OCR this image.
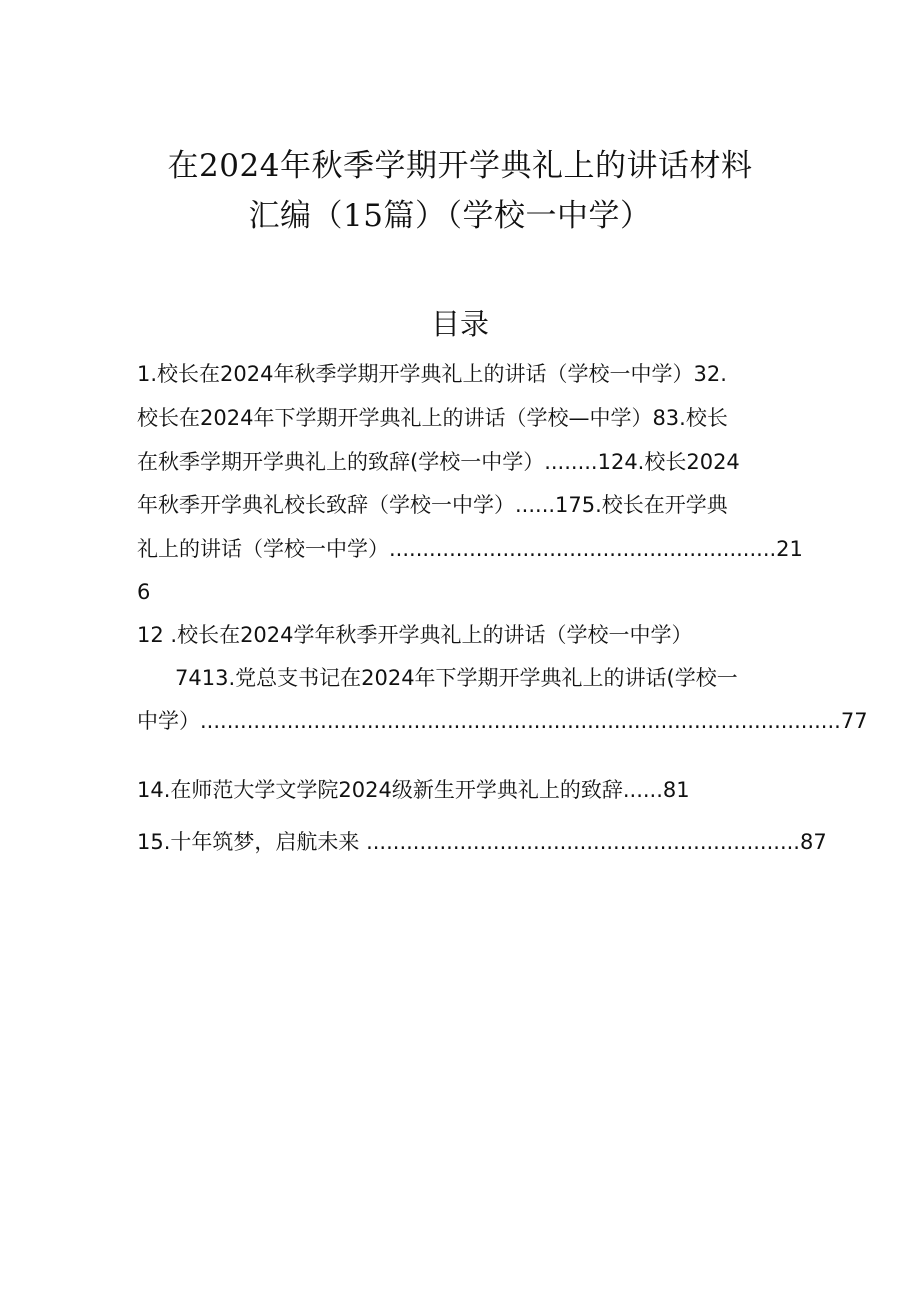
在2024年秋季学期开学典礼上的讲话材料
汇编（15篇）（学校一中学）
目录
1.校长在2024年秋季学期开学典礼上的讲话（学校一中学）32.
校长在2024年下学期开学典礼上的讲话（学校—中学）83.校长
在秋季学期开学典礼上的致辞(学校一中学）........124.校长2024
年秋季开学典礼校长致辞（学校一中学）......175.校长在开学典
礼上的讲话（学校一中学）..........................................................21
6
12 .校长在2024学年秋季开学典礼上的讲话（学校一中学）
7413.党总支书记在2024年下学期开学典礼上的讲话(学校一
中学）................................................................................................77
14.在师范大学文学院2024级新生开学典礼上的致辞......81
15.十年筑梦，启航未来 .................................................................87
